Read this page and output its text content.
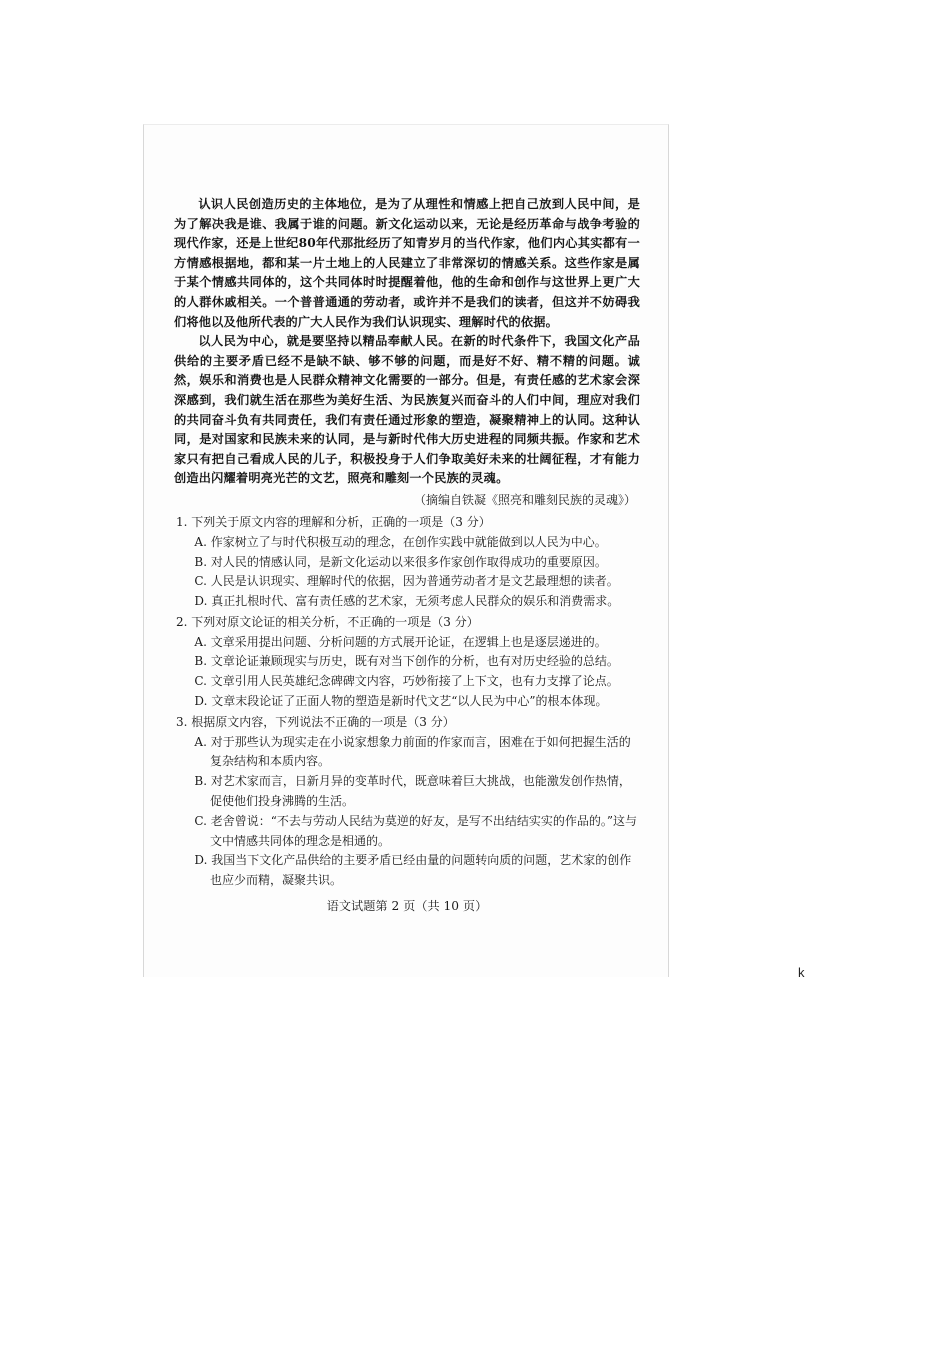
认识人民创造历史的主体地位，是为了从理性和情感上把自己放到人民中间，是为了解决我是谁、我属于谁的问题。新文化运动以来，无论是经历革命与战争考验的现代作家，还是上世纪80年代那批经历了知青岁月的当代作家，他们内心其实都有一方情感根据地，都和某一片土地上的人民建立了非常深切的情感关系。这些作家是属于某个情感共同体的，这个共同体时时提醒着他，他的生命和创作与这世界上更广大的人群休戚相关。一个普普通通的劳动者，或许并不是我们的读者，但这并不妨碍我们将他以及他所代表的广大人民作为我们认识现实、理解时代的依据。

以人民为中心，就是要坚持以精品奉献人民。在新的时代条件下，我国文化产品供给的主要矛盾已经不是缺不缺、够不够的问题，而是好不好、精不精的问题。诚然，娱乐和消费也是人民群众精神文化需要的一部分。但是，有责任感的艺术家会深深感到，我们就生活在那些为美好生活、为民族复兴而奋斗的人们中间，理应对我们的共同奋斗负有共同责任，我们有责任通过形象的塑造，凝聚精神上的认同。这种认同，是对国家和民族未来的认同，是与新时代伟大历史进程的同频共振。作家和艺术家只有把自己看成人民的儿子，积极投身于人们争取美好未来的壮阔征程，才有能力创造出闪耀着明亮光芒的文艺，照亮和雕刻一个民族的灵魂。

（摘编自铁凝《照亮和雕刻民族的灵魂》）

1. 下列关于原文内容的理解和分析，正确的一项是（3 分）

A. 作家树立了与时代积极互动的理念，在创作实践中就能做到以人民为中心。

B. 对人民的情感认同，是新文化运动以来很多作家创作取得成功的重要原因。

C. 人民是认识现实、理解时代的依据，因为普通劳动者才是文艺最理想的读者。

D. 真正扎根时代、富有责任感的艺术家，无须考虑人民群众的娱乐和消费需求。

2. 下列对原文论证的相关分析，不正确的一项是（3 分）

A. 文章采用提出问题、分析问题的方式展开论证，在逻辑上也是逐层递进的。

B. 文章论证兼顾现实与历史，既有对当下创作的分析，也有对历史经验的总结。

C. 文章引用人民英雄纪念碑碑文内容，巧妙衔接了上下文，也有力支撑了论点。

D. 文章末段论证了正面人物的塑造是新时代文艺“以人民为中心”的根本体现。

3. 根据原文内容，下列说法不正确的一项是（3 分）

A. 对于那些认为现实走在小说家想象力前面的作家而言，困难在于如何把握生活的复杂结构和本质内容。

B. 对艺术家而言，日新月异的变革时代，既意味着巨大挑战，也能激发创作热情，促使他们投身沸腾的生活。

C. 老舍曾说：“不去与劳动人民结为莫逆的好友，是写不出结结实实的作品的。”这与文中情感共同体的理念是相通的。

D. 我国当下文化产品供给的主要矛盾已经由量的问题转向质的问题，艺术家的创作也应少而精，凝聚共识。

语文试题第 2 页（共 10 页）
k
